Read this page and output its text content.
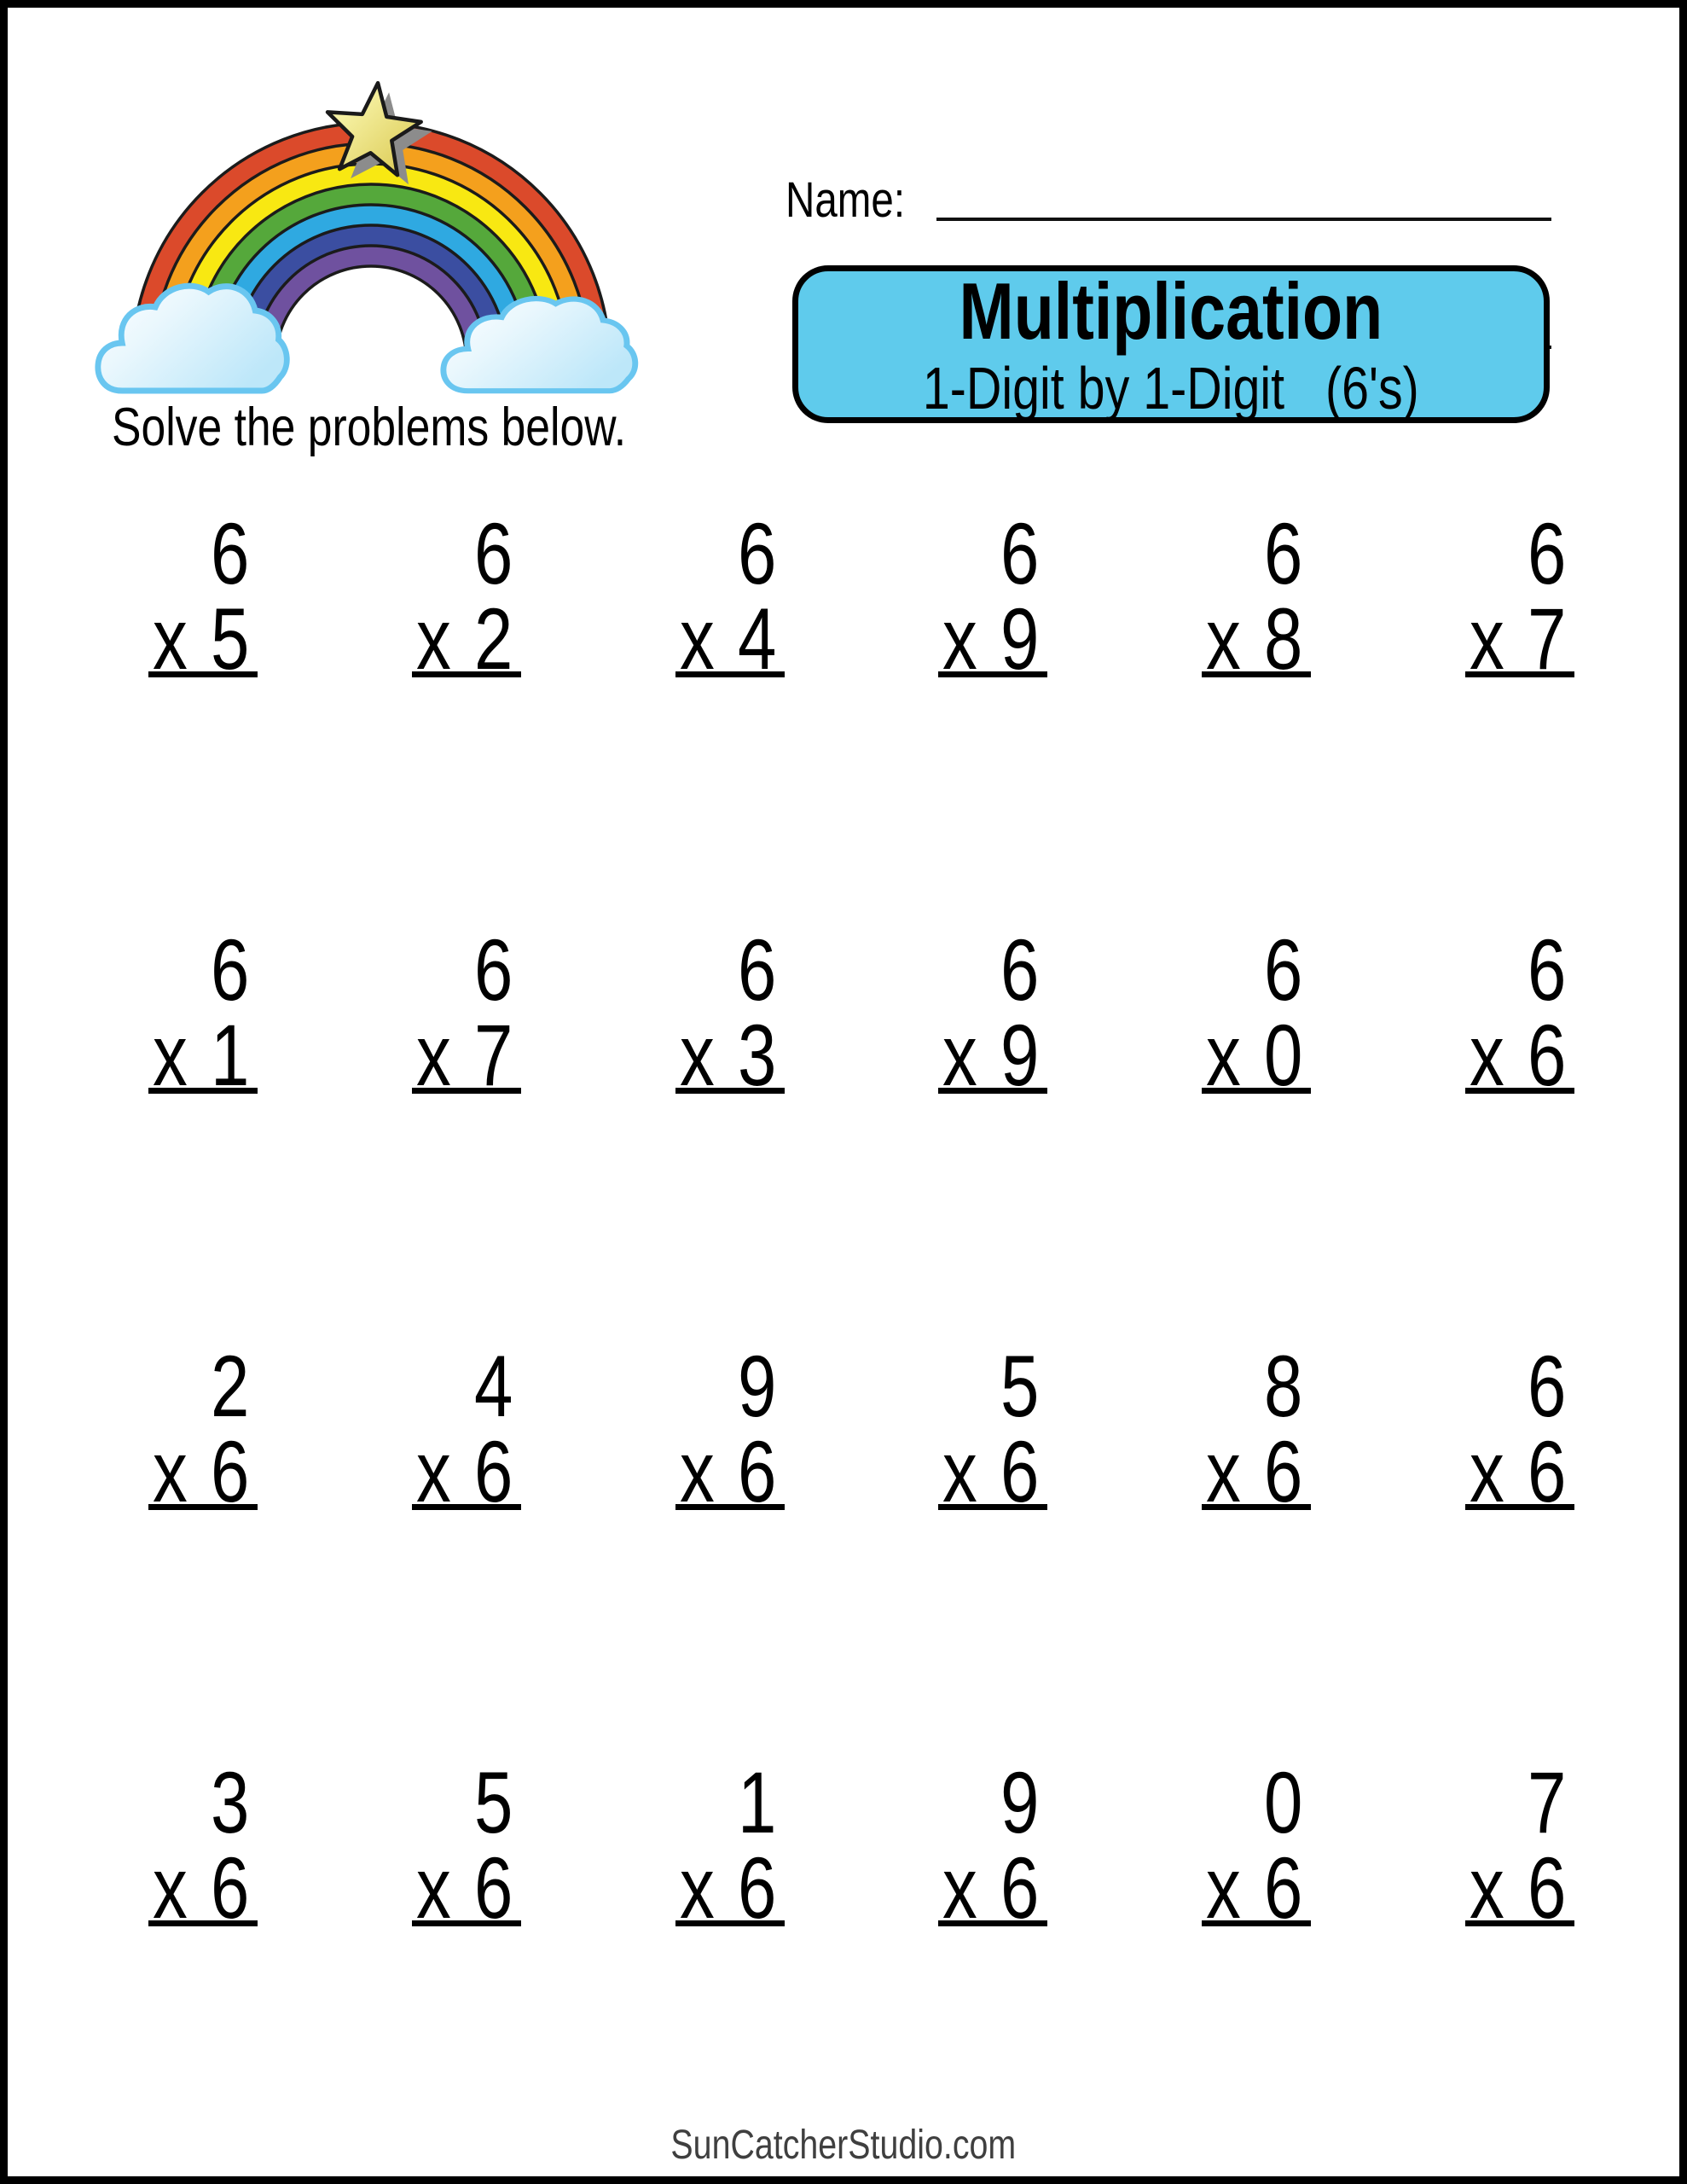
Solve the problems below.
Name:
Multiplication
1-Digit by 1-Digit   (6's)
6
x 5
6
x 2
6
x 4
6
x 9
6
x 8
6
x 7
6
x 1
6
x 7
6
x 3
6
x 9
6
x 0
6
x 6
2
x 6
4
x 6
9
x 6
5
x 6
8
x 6
6
x 6
3
x 6
5
x 6
1
x 6
9
x 6
0
x 6
7
x 6
SunCatcherStudio.com
